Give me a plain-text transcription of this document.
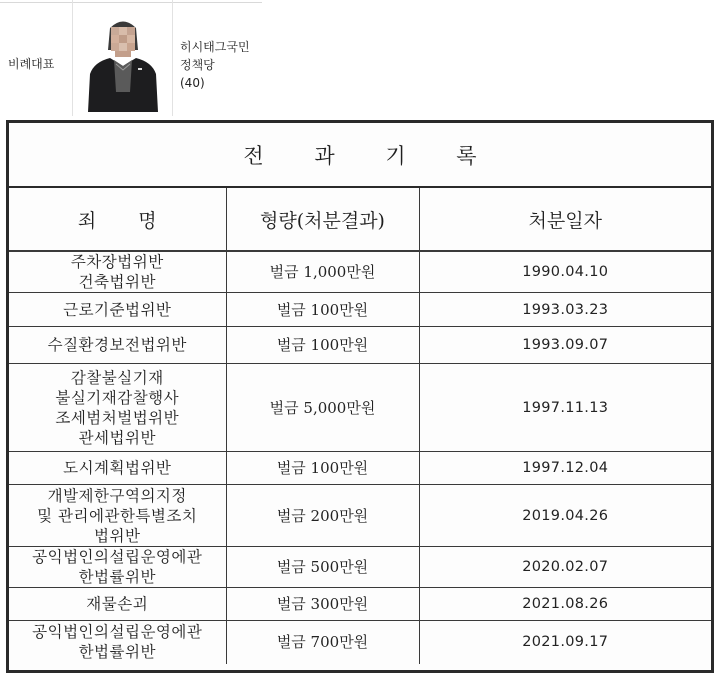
비례대표
히시태그국민
정책당
(40)
전 과 기 록
죄 명	형량(처분결과)	처분일자

주차장법위반
건축법위반	벌금 1,000만원	1990.04.10

근로기준법위반	벌금 100만원	1993.03.23

수질환경보전법위반	벌금 100만원	1993.09.07

감찰불실기재
불실기재감찰행사
조세범처벌법위반
관세법위반	벌금 5,000만원	1997.11.13

도시계획법위반	벌금 100만원	1997.12.04

개발제한구역의지정
및 관리에관한특별조치
법위반	벌금 200만원	2019.04.26

공익법인의설립운영에관
한법률위반	벌금 500만원	2020.02.07

재물손괴	벌금 300만원	2021.08.26

공익법인의설립운영에관
한법률위반	벌금 700만원	2021.09.17
